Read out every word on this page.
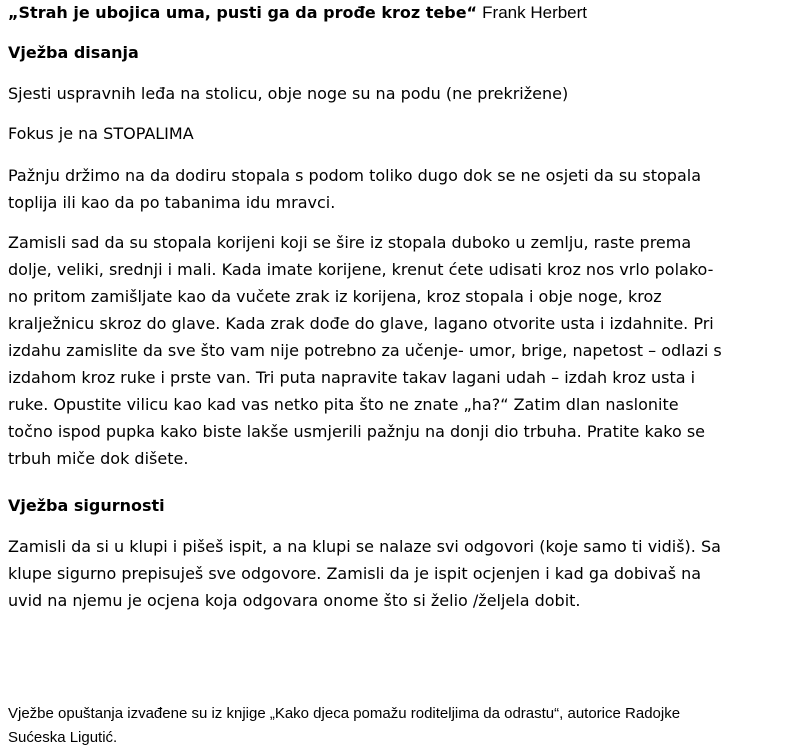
„Strah je ubojica uma, pusti ga da prođe kroz tebe“ Frank Herbert
Vježba disanja
Sjesti uspravnih leđa na stolicu, obje noge su na podu (ne prekrižene)
Fokus je na STOPALIMA
Pažnju držimo na da dodiru stopala s podom toliko dugo dok se ne osjeti da su stopala
toplija ili kao da po tabanima idu mravci.
Zamisli sad da su stopala korijeni koji se šire iz stopala duboko u zemlju, raste prema
dolje, veliki, srednji i mali. Kada imate korijene, krenut ćete udisati kroz nos vrlo polako-
no pritom zamišljate kao da vučete zrak iz korijena, kroz stopala i obje noge, kroz
kralježnicu skroz do glave. Kada zrak dođe do glave, lagano otvorite usta i izdahnite. Pri
izdahu zamislite da sve što vam nije potrebno za učenje- umor, brige, napetost – odlazi s
izdahom kroz ruke i prste van. Tri puta napravite takav lagani udah – izdah kroz usta i
ruke. Opustite vilicu kao kad vas netko pita što ne znate „ha?“ Zatim dlan naslonite
točno ispod pupka kako biste lakše usmjerili pažnju na donji dio trbuha. Pratite kako se
trbuh miče dok dišete.
Vježba sigurnosti
Zamisli da si u klupi i pišeš ispit, a na klupi se nalaze svi odgovori (koje samo ti vidiš). Sa
klupe sigurno prepisuješ sve odgovore. Zamisli da je ispit ocjenjen i kad ga dobivaš na
uvid na njemu je ocjena koja odgovara onome što si želio /željela dobit.
Vježbe opuštanja izvađene su iz knjige „Kako djeca pomažu roditeljima da odrastu“, autorice Radojke
Sućeska Ligutić.
